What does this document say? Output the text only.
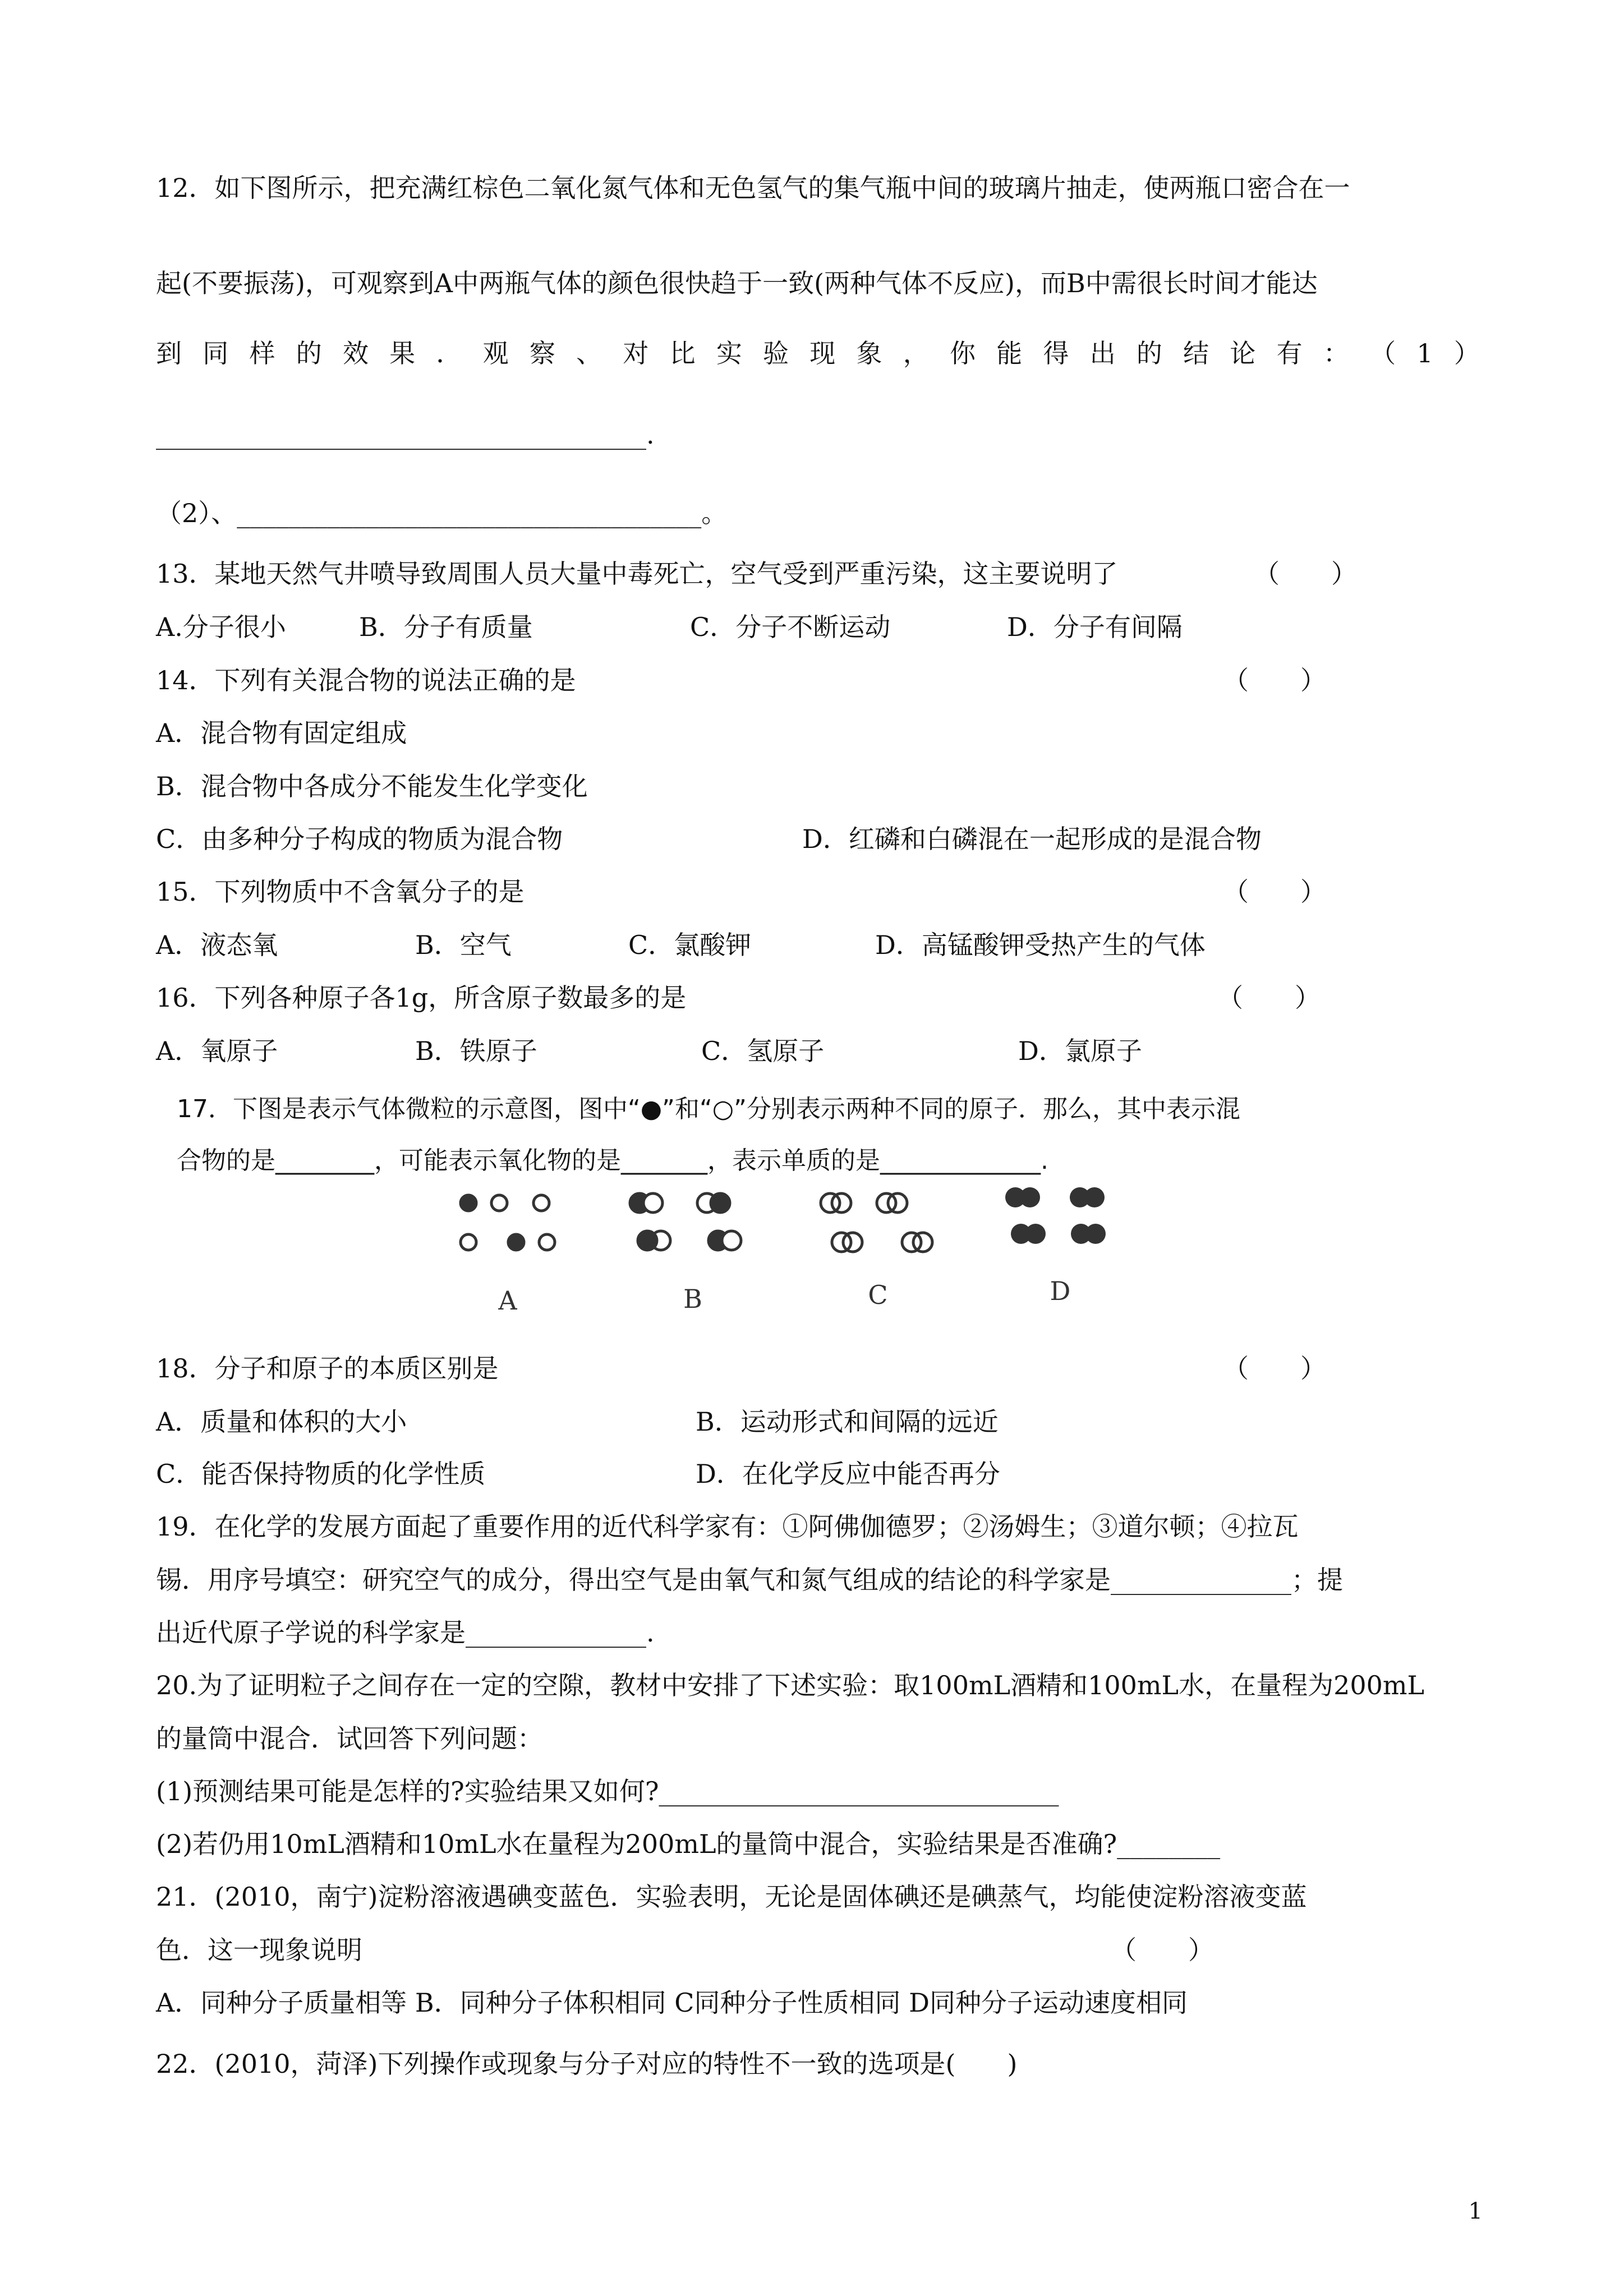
12．如下图所示，把充满红棕色二氧化氮气体和无色氢气的集气瓶中间的玻璃片抽走，使两瓶口密合在一
起(不要振荡)，可观察到A中两瓶气体的颜色很快趋于一致(两种气体不反应)，而B中需很长时间才能达
到 同 样 的 效 果 ． 观 察 、 对 比 实 验 现 象 ， 你 能 得 出 的 结 论 有 ： （ 1 ）
______________________________________.
（2）、____________________________________。
13．某地天然气井喷导致周围人员大量中毒死亡，空气受到严重污染，这主要说明了	（　　）
A.分子很小	B．分子有质量	C．分子不断运动	D．分子有间隔
14．下列有关混合物的说法正确的是	（　　）
A．混合物有固定组成
B．混合物中各成分不能发生化学变化
C．由多种分子构成的物质为混合物	D．红磷和白磷混在一起形成的是混合物
15．下列物质中不含氧分子的是	（　　）
A．液态氧	B．空气	C．氯酸钾	D．高锰酸钾受热产生的气体
16．下列各种原子各1g，所含原子数最多的是	（　　）
A．氧原子	B．铁原子	C．氢原子	D．氯原子
17．下图是表示气体微粒的示意图，图中“●”和“○”分别表示两种不同的原子．那么，其中表示混
合物的是________，可能表示氧化物的是_______，表示单质的是_____________.
A	B	C	D
18．分子和原子的本质区别是	（　　）
A．质量和体积的大小	B．运动形式和间隔的远近
C．能否保持物质的化学性质	D．在化学反应中能否再分
19．在化学的发展方面起了重要作用的近代科学家有：①阿佛伽德罗；②汤姆生；③道尔顿；④拉瓦
锡．用序号填空：研究空气的成分，得出空气是由氧气和氮气组成的结论的科学家是______________；提
出近代原子学说的科学家是______________.
20.为了证明粒子之间存在一定的空隙，教材中安排了下述实验：取100mL酒精和100mL水，在量程为200mL
的量筒中混合．试回答下列问题：
(1)预测结果可能是怎样的?实验结果又如何?_______________________________
(2)若仍用10mL酒精和10mL水在量程为200mL的量筒中混合，实验结果是否准确?________
21．(2010，南宁)淀粉溶液遇碘变蓝色．实验表明，无论是固体碘还是碘蒸气，均能使淀粉溶液变蓝
色．这一现象说明	（　　）
A．同种分子质量相等 B．同种分子体积相同 C同种分子性质相同 D同种分子运动速度相同
22．(2010，菏泽)下列操作或现象与分子对应的特性不一致的选项是(　　)
1
